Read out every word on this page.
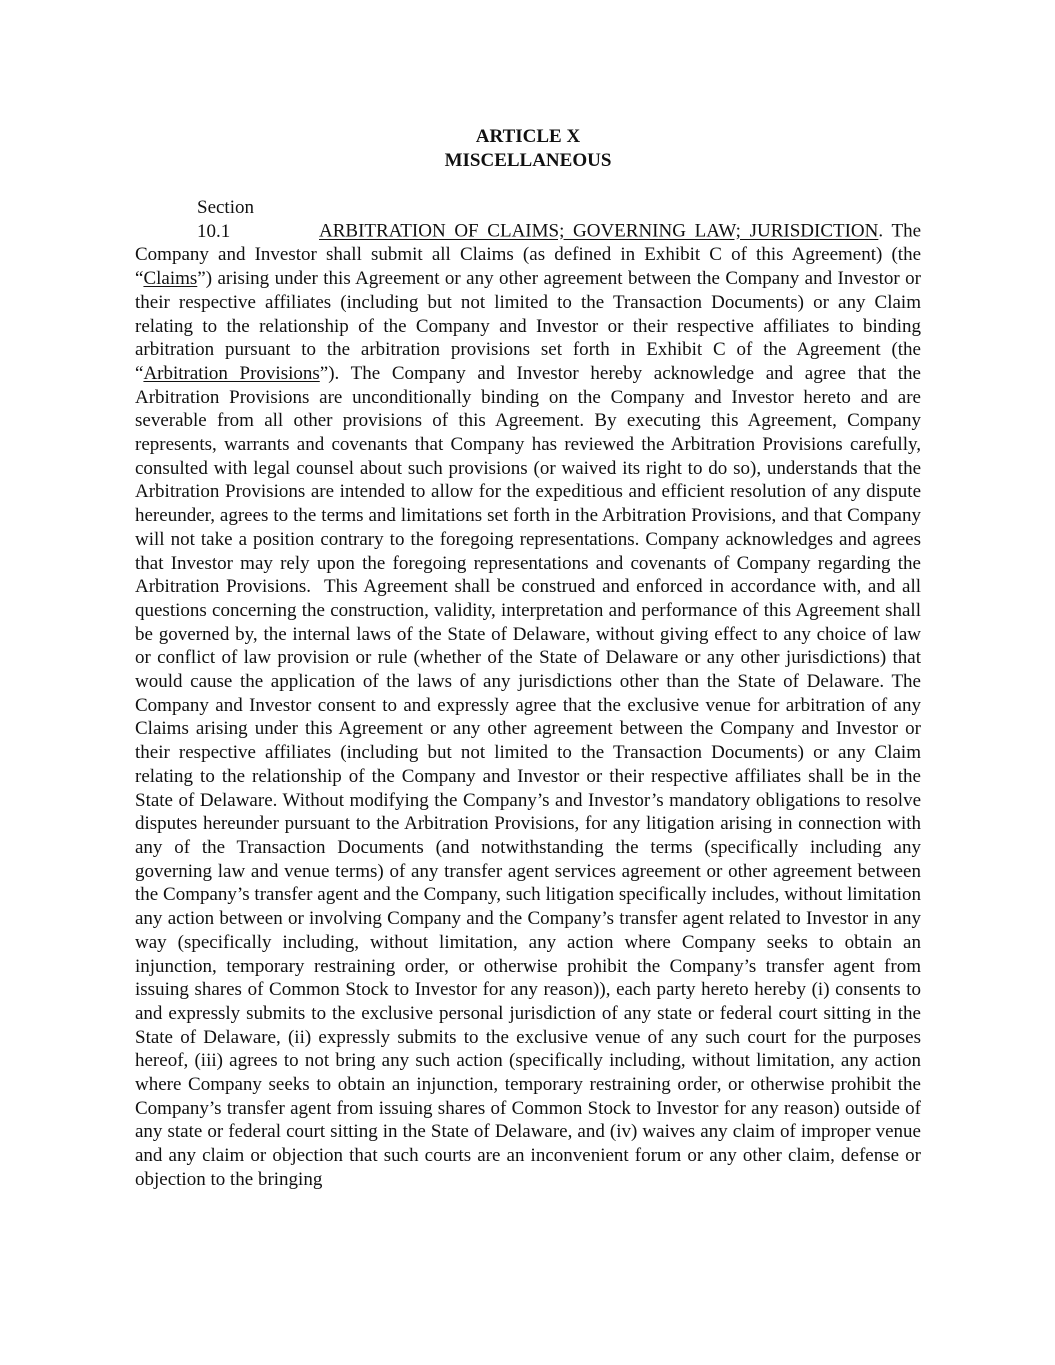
ARTICLE X
MISCELLANEOUS
Section10.1	ARBITRATION OF CLAIMS; GOVERNING LAW; JURISDICTION. The Company and Investor shall submit all Claims (as defined in Exhibit C of this Agreement) (the “Claims”) arising under this Agreement or any other agreement between the Company and Investor or their respective affiliates (including but not limited to the Transaction Documents) or any Claim relating to the relationship of the Company and Investor or their respective affiliates to binding arbitration pursuant to the arbitration provisions set forth in Exhibit C of the Agreement (the “Arbitration Provisions”). The Company and Investor hereby acknowledge and agree that the Arbitration Provisions are unconditionally binding on the Company and Investor hereto and are severable from all other provisions of this Agreement. By executing this Agreement, Company represents, warrants and covenants that Company has reviewed the Arbitration Provisions carefully, consulted with legal counsel about such provisions (or waived its right to do so), understands that the Arbitration Provisions are intended to allow for the expeditious and efficient resolution of any dispute hereunder, agrees to the terms and limitations set forth in the Arbitration Provisions, and that Company will not take a position contrary to the foregoing representations. Company acknowledges and agrees that Investor may rely upon the foregoing representations and covenants of Company regarding the Arbitration Provisions.  This Agreement shall be construed and enforced in accordance with, and all questions concerning the construction, validity, interpretation and performance of this Agreement shall be governed by, the internal laws of the State of Delaware, without giving effect to any choice of law or conflict of law provision or rule (whether of the State of Delaware or any other jurisdictions) that would cause the application of the laws of any jurisdictions other than the State of Delaware. The Company and Investor consent to and expressly agree that the exclusive venue for arbitration of any Claims arising under this Agreement or any other agreement between the Company and Investor or their respective affiliates (including but not limited to the Transaction Documents) or any Claim relating to the relationship of the Company and Investor or their respective affiliates shall be in the State of Delaware. Without modifying the Company’s and Investor’s mandatory obligations to resolve disputes hereunder pursuant to the Arbitration Provisions, for any litigation arising in connection with any of the Transaction Documents (and notwithstanding the terms (specifically including any governing law and venue terms) of any transfer agent services agreement or other agreement between the Company’s transfer agent and the Company, such litigation specifically includes, without limitation any action between or involving Company and the Company’s transfer agent related to Investor in any way (specifically including, without limitation, any action where Company seeks to obtain an injunction, temporary restraining order, or otherwise prohibit the Company’s transfer agent from issuing shares of Common Stock to Investor for any reason)), each party hereto hereby (i) consents to and expressly submits to the exclusive personal jurisdiction of any state or federal court sitting in the State of Delaware, (ii) expressly submits to the exclusive venue of any such court for the purposes hereof, (iii) agrees to not bring any such action (specifically including, without limitation, any action where Company seeks to obtain an injunction, temporary restraining order, or otherwise prohibit the Company’s transfer agent from issuing shares of Common Stock to Investor for any reason) outside of any state or federal court sitting in the State of Delaware, and (iv) waives any claim of improper venue and any claim or objection that such courts are an inconvenient forum or any other claim, defense or objection to the bringing
